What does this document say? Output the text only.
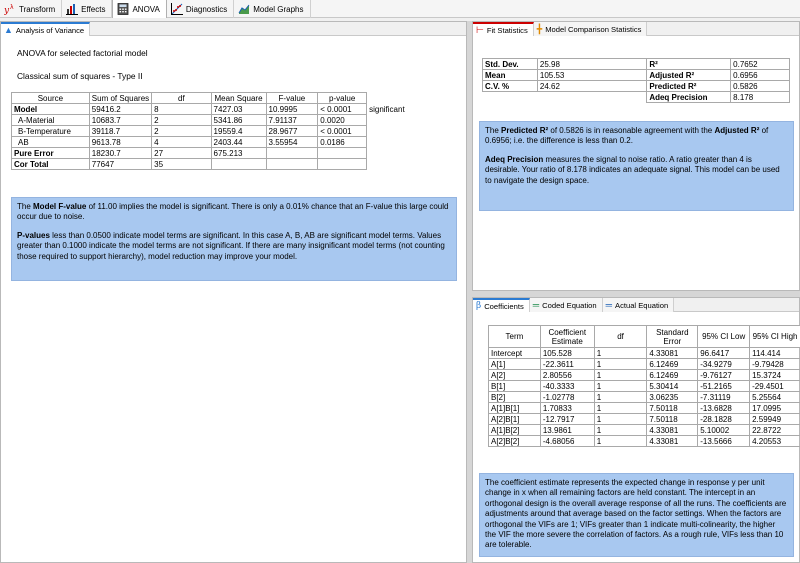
y λ Transform	Effects	ANOVA	Diagnostics	Model Graphs
▲ Analysis of Variance
ANOVA for selected factorial model
Classical sum of squares - Type II
Source	Sum of Squares	df	Mean Square	F-value	p-value	
Model	59416.2	8	7427.03	10.9995	< 0.0001	significant
A-Material	10683.7	2	5341.86	7.91137	0.0020	
B-Temperature	39118.7	2	19559.4	28.9677	< 0.0001	
AB	9613.78	4	2403.44	3.55954	0.0186	
Pure Error	18230.7	27	675.213			
Cor Total	77647	35				

The Model F-value of 11.00 implies the model is significant. There is only a 0.01% chance that an F-value this large could occur due to noise.

P-values less than 0.0500 indicate model terms are significant. In this case A, B, AB are significant model terms. Values greater than 0.1000 indicate the model terms are not significant. If there are many insignificant model terms (not counting those required to support hierarchy), model reduction may improve your model.

⊢ Fit Statistics ╋ Model Comparison Statistics
Std. Dev.	25.98	R²	0.7652
Mean	105.53	Adjusted R²	0.6956
C.V. %	24.62	Predicted R²	0.5826
		Adeq Precision	8.178

The Predicted R² of 0.5826 is in reasonable agreement with the Adjusted R² of 0.6956; i.e. the difference is less than 0.2.

Adeq Precision measures the signal to noise ratio. A ratio greater than 4 is desirable. Your ratio of 8.178 indicates an adequate signal. This model can be used to navigate the design space.

β Coefficients ═ Coded Equation ═ Actual Equation
Term	Coefficient Estimate	df	Standard Error	95% CI Low	95% CI High
Intercept	105.528	1	4.33081	96.6417	114.414
A[1]	-22.3611	1	6.12469	-34.9279	-9.79428
A[2]	2.80556	1	6.12469	-9.76127	15.3724
B[1]	-40.3333	1	5.30414	-51.2165	-29.4501
B[2]	-1.02778	1	3.06235	-7.31119	5.25564
A[1]B[1]	1.70833	1	7.50118	-13.6828	17.0995
A[2]B[1]	-12.7917	1	7.50118	-28.1828	2.59949
A[1]B[2]	13.9861	1	4.33081	5.10002	22.8722
A[2]B[2]	-4.68056	1	4.33081	-13.5666	4.20553
The coefficient estimate represents the expected change in response y per unit change in x when all remaining factors are held constant. The intercept in an orthogonal design is the overall average response of all the runs. The coefficients are adjustments around that average based on the factor settings. When the factors are orthogonal the VIFs are 1; VIFs greater than 1 indicate multi-colinearity, the higher the VIF the more severe the correlation of factors. As a rough rule, VIFs less than 10 are tolerable.
